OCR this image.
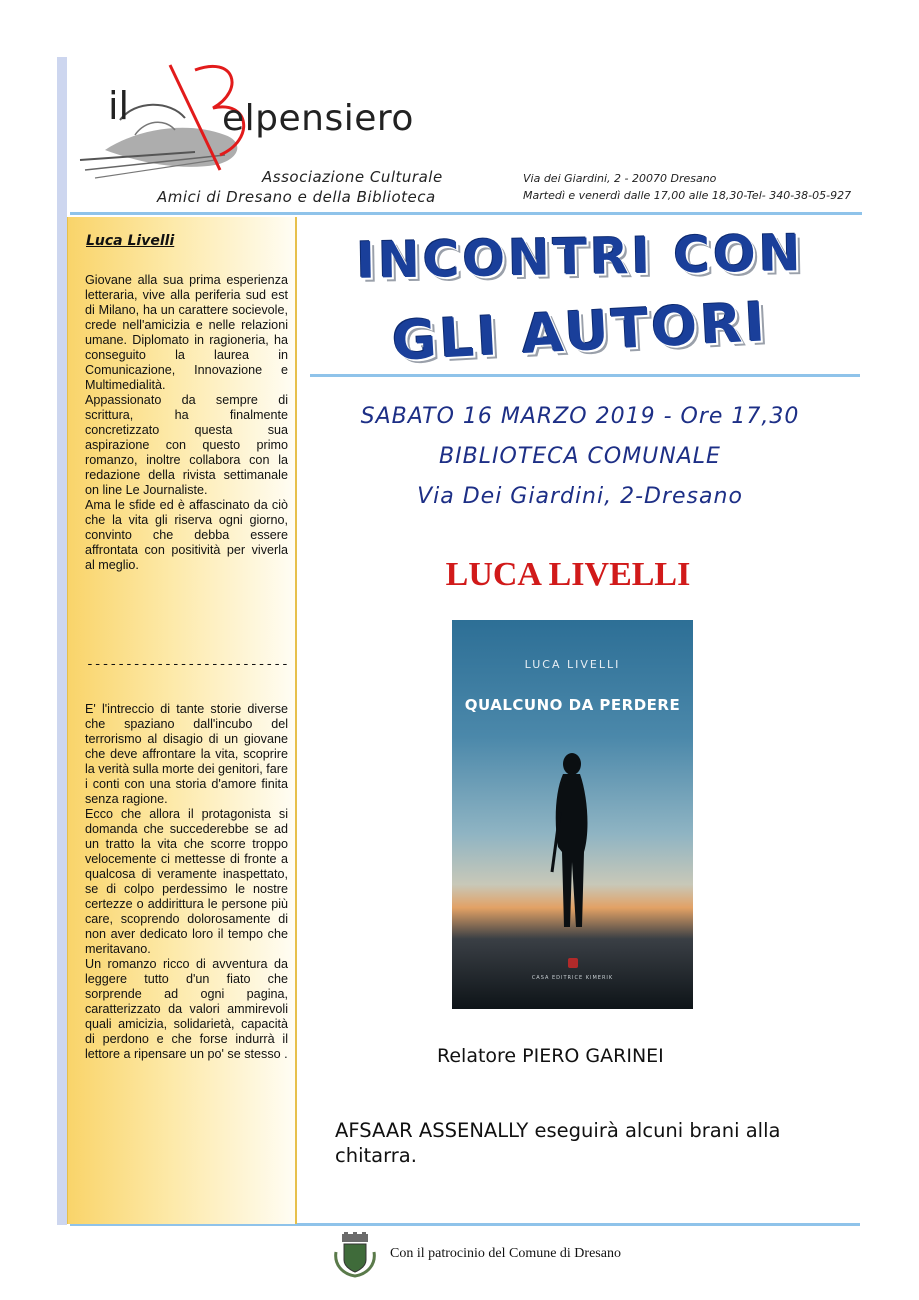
il	elpensiero
Associazione Culturale
Amici di Dresano e della Biblioteca
Via dei Giardini, 2 - 20070 Dresano
Martedì e venerdì dalle 17,00 alle 18,30-Tel- 340-38-05-927
Luca Livelli

Giovane alla sua prima esperienza letteraria, vive alla periferia sud est di Milano, ha un carattere socievole, crede nell'amicizia e nelle relazioni umane. Diplomato in ragioneria, ha conseguito la laurea in Comunicazione, Innovazione e Multimedialità.

Appassionato da sempre di scrittura, ha finalmente concretizzato questa sua aspirazione con questo primo romanzo, inoltre collabora con la redazione della rivista settimanale on line Le Journaliste.

Ama le sfide ed è affascinato da ciò che la vita gli riserva ogni giorno, convinto che debba essere affrontata con positività per viverla al meglio.

--------------------------

E' l'intreccio di tante storie diverse che spaziano dall'incubo del terrorismo al disagio di un giovane che deve affrontare la vita, scoprire la verità sulla morte dei genitori, fare i conti con una storia d'amore finita senza ragione.

Ecco che allora il protagonista si domanda che succederebbe se ad un tratto la vita che scorre troppo velocemente ci mettesse di fronte a qualcosa di veramente inaspettato, se di colpo perdessimo le nostre certezze o addirittura le persone più care, scoprendo dolorosamente di non aver dedicato loro il tempo che meritavano.

Un romanzo ricco di avventura da leggere tutto d'un fiato che sorprende ad ogni pagina, caratterizzato da valori ammirevoli quali amicizia, solidarietà, capacità di perdono e che forse indurrà il lettore a ripensare un po' se stesso .

INCONTRI CON
GLI AUTORI
SABATO 16 MARZO 2019 - Ore 17,30
BIBLIOTECA COMUNALE
Via Dei Giardini, 2-Dresano
LUCA LIVELLI
LUCA LIVELLI
QUALCUNO DA PERDERE
CASA EDITRICE KIMERIK
Relatore PIERO GARINEI

AFSAAR ASSENALLY eseguirà alcuni brani alla chitarra.

Con il patrocinio del Comune di Dresano
